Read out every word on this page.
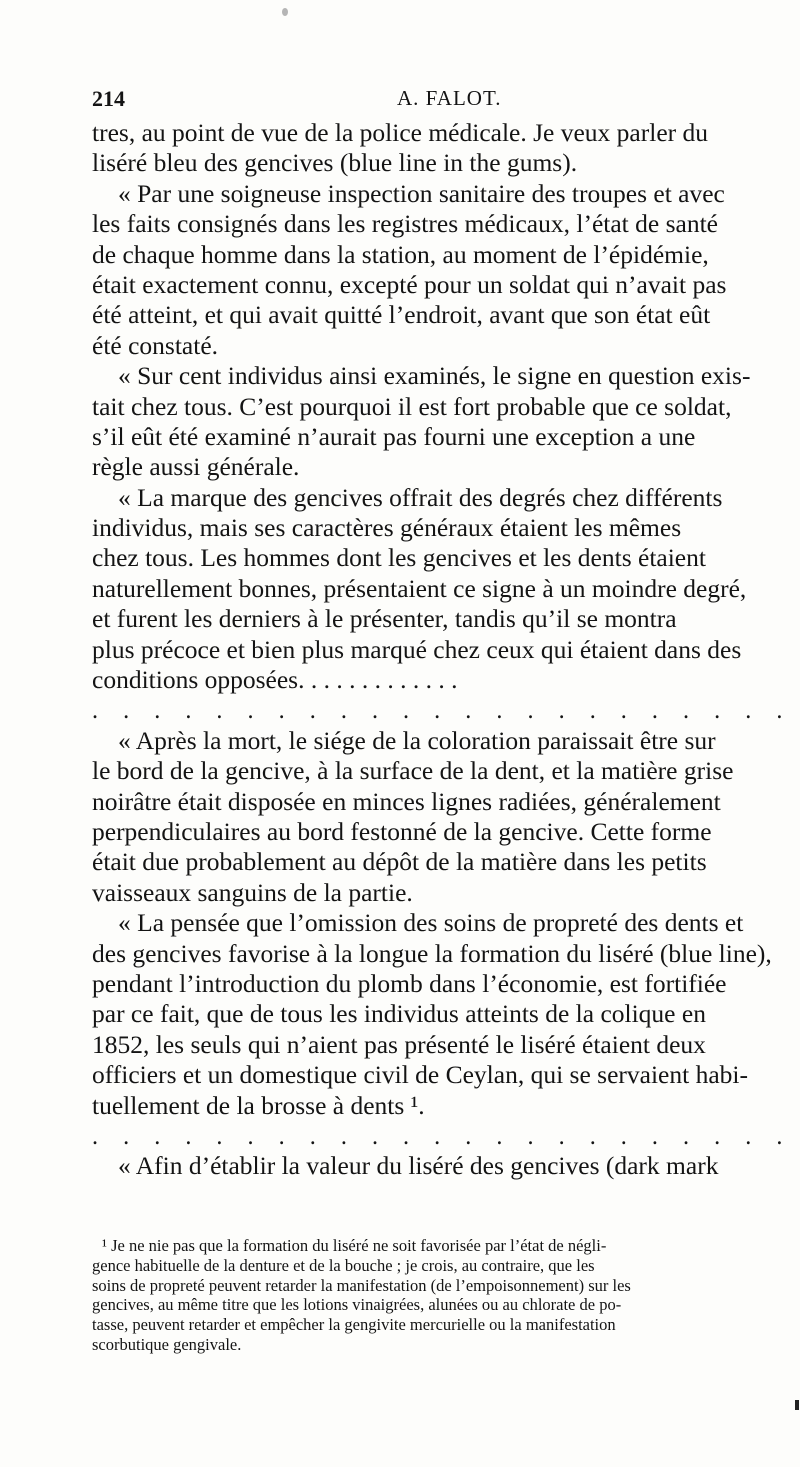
214	A. FALOT.
tres, au point de vue de la police médicale. Je veux parler du
liséré bleu des gencives (blue line in the gums).
« Par une soigneuse inspection sanitaire des troupes et avec
les faits consignés dans les registres médicaux, l’état de santé
de chaque homme dans la station, au moment de l’épidémie,
était exactement connu, excepté pour un soldat qui n’avait pas
été atteint, et qui avait quitté l’endroit, avant que son état eût
été constaté.
« Sur cent individus ainsi examinés, le signe en question exis-
tait chez tous. C’est pourquoi il est fort probable que ce soldat,
s’il eût été examiné n’aurait pas fourni une exception a une
règle aussi générale.
« La marque des gencives offrait des degrés chez différents
individus, mais ses caractères généraux étaient les mêmes
chez tous. Les hommes dont les gencives et les dents étaient
naturellement bonnes, présentaient ce signe à un moindre degré,
et furent les derniers à le présenter, tandis qu’il se montra
plus précoce et bien plus marqué chez ceux qui étaient dans des
conditions opposées. . . . . . . . . . . . .
. . . . . . . . . . . . . . . . . . . . . . .
« Après la mort, le siége de la coloration paraissait être sur
le bord de la gencive, à la surface de la dent, et la matière grise
noirâtre était disposée en minces lignes radiées, généralement
perpendiculaires au bord festonné de la gencive. Cette forme
était due probablement au dépôt de la matière dans les petits
vaisseaux sanguins de la partie.
« La pensée que l’omission des soins de propreté des dents et
des gencives favorise à la longue la formation du liséré (blue line),
pendant l’introduction du plomb dans l’économie, est fortifiée
par ce fait, que de tous les individus atteints de la colique en
1852, les seuls qui n’aient pas présenté le liséré étaient deux
officiers et un domestique civil de Ceylan, qui se servaient habi-
tuellement de la brosse à dents ¹.
. . . . . . . . . . . . . . . . . . . . . . .
« Afin d’établir la valeur du liséré des gencives (dark mark
¹ Je ne nie pas que la formation du liséré ne soit favorisée par l’état de négli-
gence habituelle de la denture et de la bouche ; je crois, au contraire, que les
soins de propreté peuvent retarder la manifestation (de l’empoisonnement) sur les
gencives, au même titre que les lotions vinaigrées, alunées ou au chlorate de po-
tasse, peuvent retarder et empêcher la gengivite mercurielle ou la manifestation
scorbutique gengivale.
